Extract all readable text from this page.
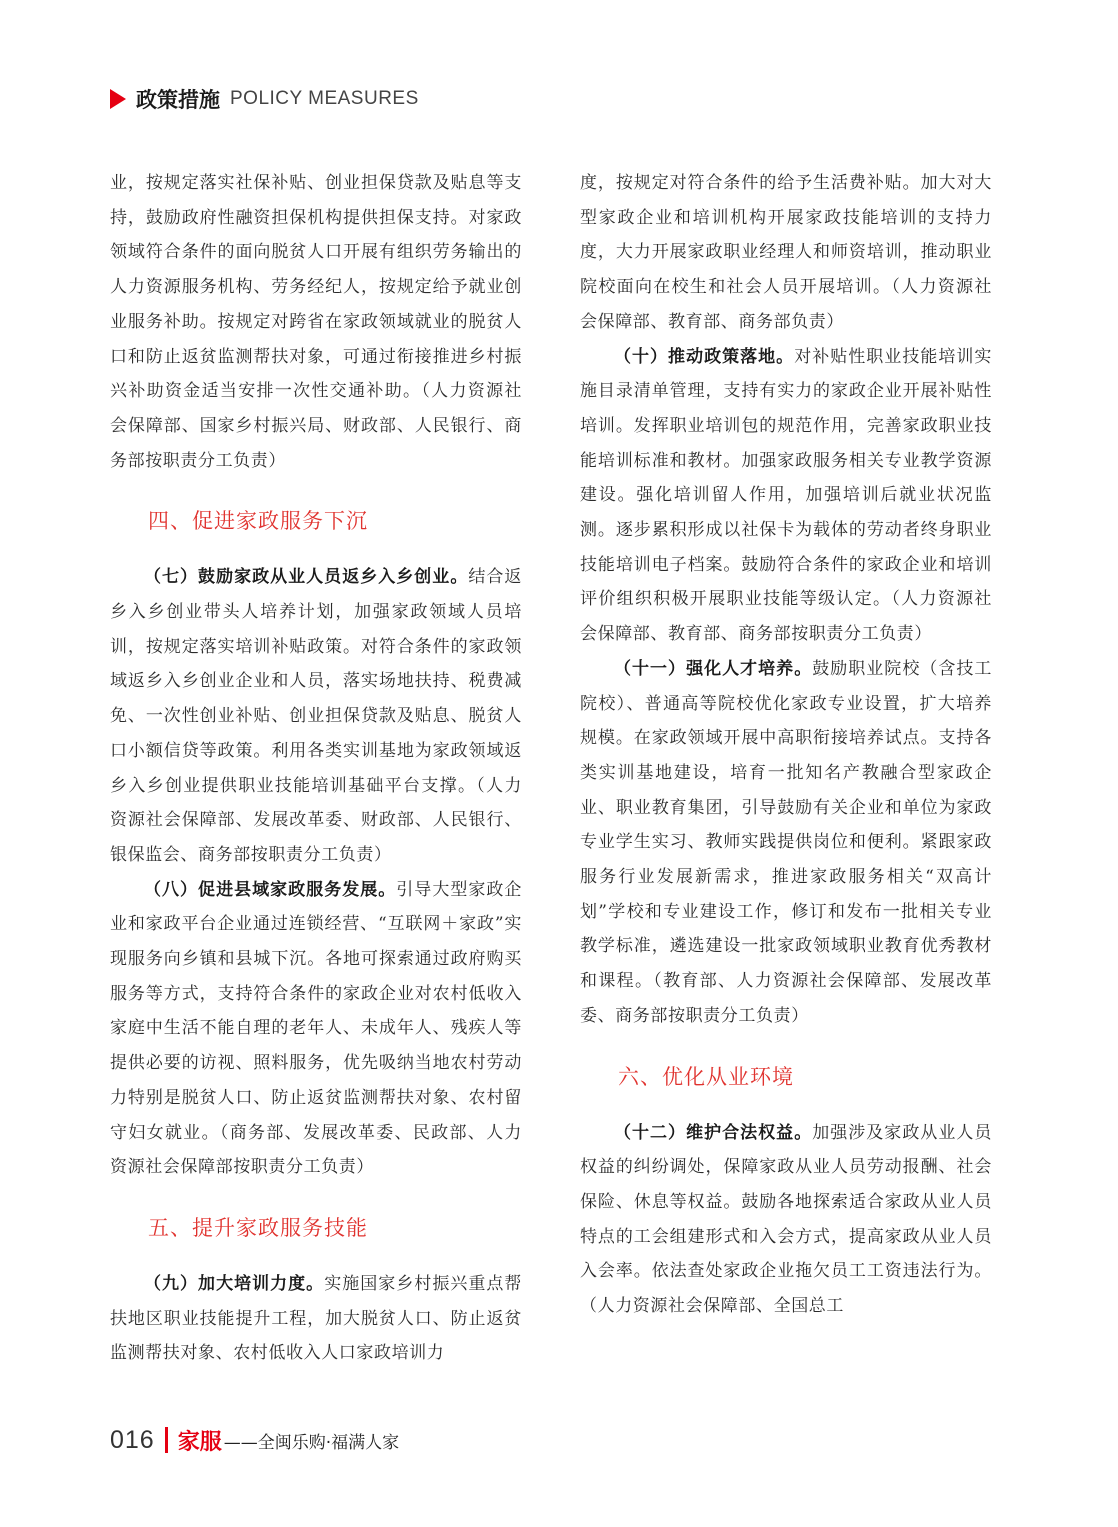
政策措施 POLICY MEASURES

业，按规定落实社保补贴、创业担保贷款及贴息等支持，鼓励政府性融资担保机构提供担保支持。对家政领域符合条件的面向脱贫人口开展有组织劳务输出的人力资源服务机构、劳务经纪人，按规定给予就业创业服务补助。按规定对跨省在家政领域就业的脱贫人口和防止返贫监测帮扶对象，可通过衔接推进乡村振兴补助资金适当安排一次性交通补助。（人力资源社会保障部、国家乡村振兴局、财政部、人民银行、商务部按职责分工负责）

四、促进家政服务下沉

（七）鼓励家政从业人员返乡入乡创业。结合返乡入乡创业带头人培养计划，加强家政领域人员培训，按规定落实培训补贴政策。对符合条件的家政领域返乡入乡创业企业和人员，落实场地扶持、税费减免、一次性创业补贴、创业担保贷款及贴息、脱贫人口小额信贷等政策。利用各类实训基地为家政领域返乡入乡创业提供职业技能培训基础平台支撑。（人力资源社会保障部、发展改革委、财政部、人民银行、银保监会、商务部按职责分工负责）

（八）促进县域家政服务发展。引导大型家政企业和家政平台企业通过连锁经营、“互联网＋家政”实现服务向乡镇和县城下沉。各地可探索通过政府购买服务等方式，支持符合条件的家政企业对农村低收入家庭中生活不能自理的老年人、未成年人、残疾人等提供必要的访视、照料服务，优先吸纳当地农村劳动力特别是脱贫人口、防止返贫监测帮扶对象、农村留守妇女就业。（商务部、发展改革委、民政部、人力资源社会保障部按职责分工负责）

五、提升家政服务技能

（九）加大培训力度。实施国家乡村振兴重点帮扶地区职业技能提升工程，加大脱贫人口、防止返贫监测帮扶对象、农村低收入人口家政培训力

度，按规定对符合条件的给予生活费补贴。加大对大型家政企业和培训机构开展家政技能培训的支持力度，大力开展家政职业经理人和师资培训，推动职业院校面向在校生和社会人员开展培训。（人力资源社会保障部、教育部、商务部负责）

（十）推动政策落地。对补贴性职业技能培训实施目录清单管理，支持有实力的家政企业开展补贴性培训。发挥职业培训包的规范作用，完善家政职业技能培训标准和教材。加强家政服务相关专业教学资源建设。强化培训留人作用，加强培训后就业状况监测。逐步累积形成以社保卡为载体的劳动者终身职业技能培训电子档案。鼓励符合条件的家政企业和培训评价组织积极开展职业技能等级认定。（人力资源社会保障部、教育部、商务部按职责分工负责）

（十一）强化人才培养。鼓励职业院校（含技工院校）、普通高等院校优化家政专业设置，扩大培养规模。在家政领域开展中高职衔接培养试点。支持各类实训基地建设，培育一批知名产教融合型家政企业、职业教育集团，引导鼓励有关企业和单位为家政专业学生实习、教师实践提供岗位和便利。紧跟家政服务行业发展新需求，推进家政服务相关“双高计划”学校和专业建设工作，修订和发布一批相关专业教学标准，遴选建设一批家政领域职业教育优秀教材和课程。（教育部、人力资源社会保障部、发展改革委、商务部按职责分工负责）

六、优化从业环境

（十二）维护合法权益。加强涉及家政从业人员权益的纠纷调处，保障家政从业人员劳动报酬、社会保险、休息等权益。鼓励各地探索适合家政从业人员特点的工会组建形式和入会方式，提高家政从业人员入会率。依法查处家政企业拖欠员工工资违法行为。（人力资源社会保障部、全国总工

016 家服 ——全闽乐购·福满人家
